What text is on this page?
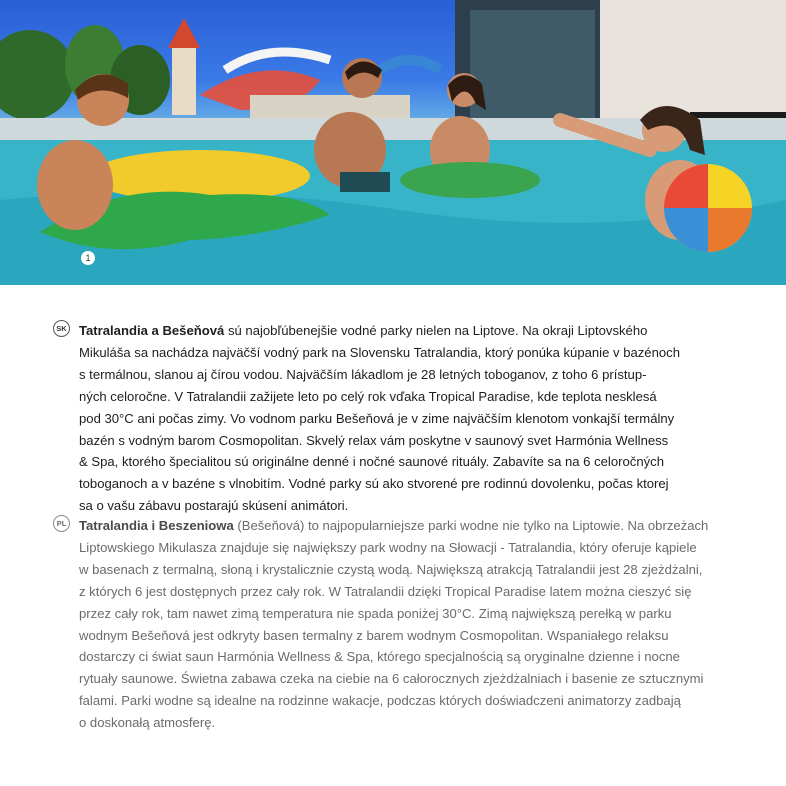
1
SK Tatralandia a Bešeňová sú najobľúbenejšie vodné parky nielen na Liptove. Na okraji Liptovského
Mikuláša sa nachádza najväčší vodný park na Slovensku Tatralandia, ktorý ponúka kúpanie v bazénoch
s termálnou, slanou aj čírou vodou. Najväčším lákadlom je 28 letných toboganov, z toho 6 prístup-
ných celoročne. V Tatralandii zažijete leto po celý rok vďaka Tropical Paradise, kde teplota nesklesá
pod 30°C ani počas zimy. Vo vodnom parku Bešeňová je v zime najväčším klenotom vonkajší termálny
bazén s vodným barom Cosmopolitan. Skvelý relax vám poskytne v saunový svet Harmónia Wellness
& Spa, ktorého špecialitou sú originálne denné i nočné saunové rituály. Zabavíte sa na 6 celoročných
toboganoch a v bazéne s vlnobitím. Vodné parky sú ako stvorené pre rodinnú dovolenku, počas ktorej
sa o vašu zábavu postarajú skúsení animátori.

PL Tatralandia i Beszeniowa (Bešeňová) to najpopularniejsze parki wodne nie tylko na Liptowie. Na obrzeżach
Liptowskiego Mikulasza znajduje się największy park wodny na Słowacji - Tatralandia, który oferuje kąpiele
w basenach z termalną, słoną i krystalicznie czystą wodą. Największą atrakcją Tatralandii jest 28 zjeżdżalni,
z których 6 jest dostępnych przez cały rok. W Tatralandii dzięki Tropical Paradise latem można cieszyć się
przez cały rok, tam nawet zimą temperatura nie spada poniżej 30°C. Zimą największą perełką w parku
wodnym Bešeňová jest odkryty basen termalny z barem wodnym Cosmopolitan. Wspaniałego relaksu
dostarczy ci świat saun Harmónia Wellness & Spa, którego specjalnością są oryginalne dzienne i nocne
rytuały saunowe. Świetna zabawa czeka na ciebie na 6 całorocznych zjeżdżalniach i basenie ze sztucznymi
falami. Parki wodne są idealne na rodzinne wakacje, podczas których doświadczeni animatorzy zadbają
o doskonałą atmosferę.
